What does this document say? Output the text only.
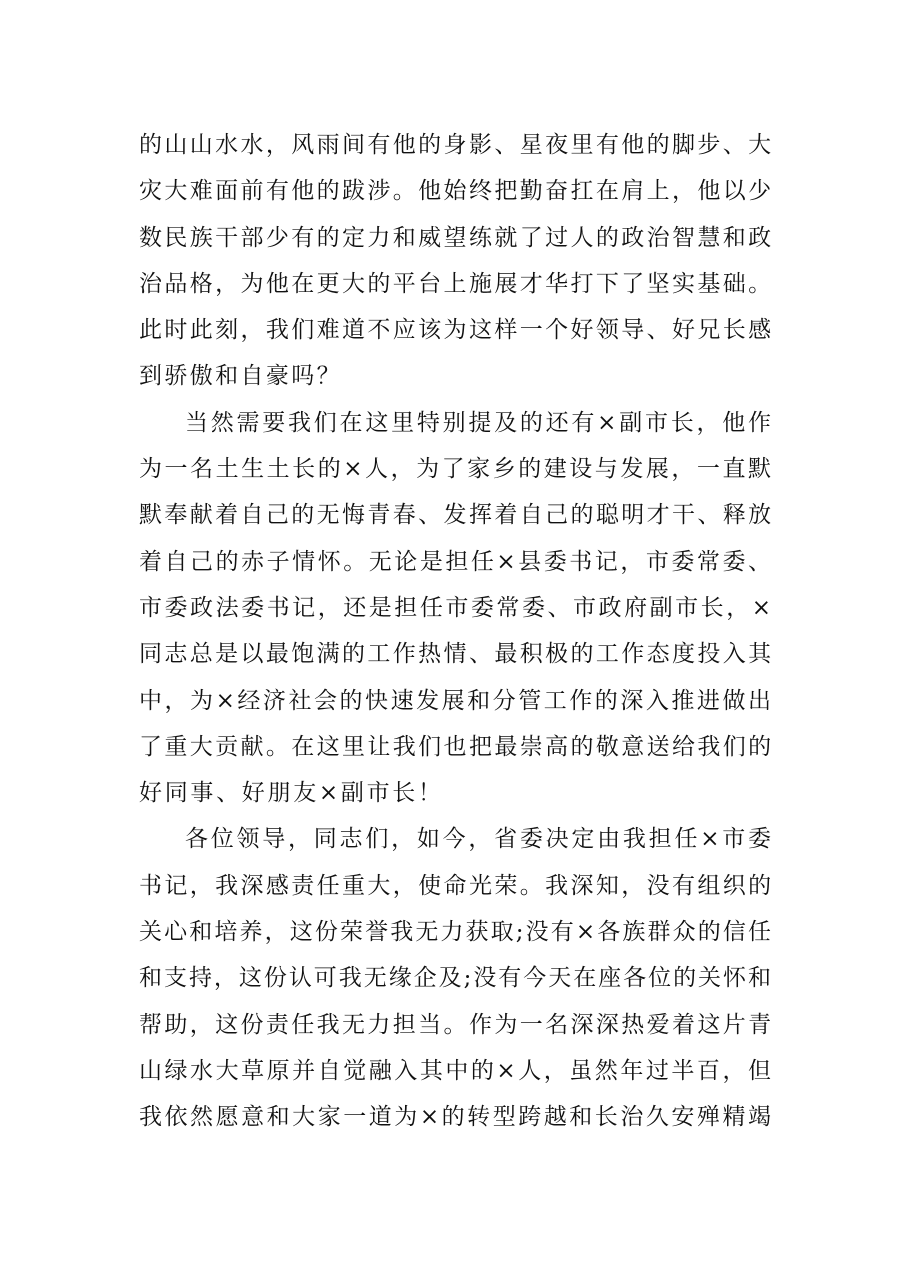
的山山水水，风雨间有他的身影、星夜里有他的脚步、大
灾大难面前有他的跋涉。他始终把勤奋扛在肩上，他以少
数民族干部少有的定力和威望练就了过人的政治智慧和政
治品格，为他在更大的平台上施展才华打下了坚实基础。
此时此刻，我们难道不应该为这样一个好领导、好兄长感
到骄傲和自豪吗？
当然需要我们在这里特别提及的还有×副市长，他作
为一名土生土长的×人，为了家乡的建设与发展，一直默
默奉献着自己的无悔青春、发挥着自己的聪明才干、释放
着自己的赤子情怀。无论是担任×县委书记，市委常委、
市委政法委书记，还是担任市委常委、市政府副市长，×
同志总是以最饱满的工作热情、最积极的工作态度投入其
中，为×经济社会的快速发展和分管工作的深入推进做出
了重大贡献。在这里让我们也把最崇高的敬意送给我们的
好同事、好朋友×副市长！
各位领导，同志们，如今，省委决定由我担任×市委
书记，我深感责任重大，使命光荣。我深知，没有组织的
关心和培养，这份荣誉我无力获取;没有×各族群众的信任
和支持，这份认可我无缘企及;没有今天在座各位的关怀和
帮助，这份责任我无力担当。作为一名深深热爱着这片青
山绿水大草原并自觉融入其中的×人，虽然年过半百，但
我依然愿意和大家一道为×的转型跨越和长治久安殚精竭
